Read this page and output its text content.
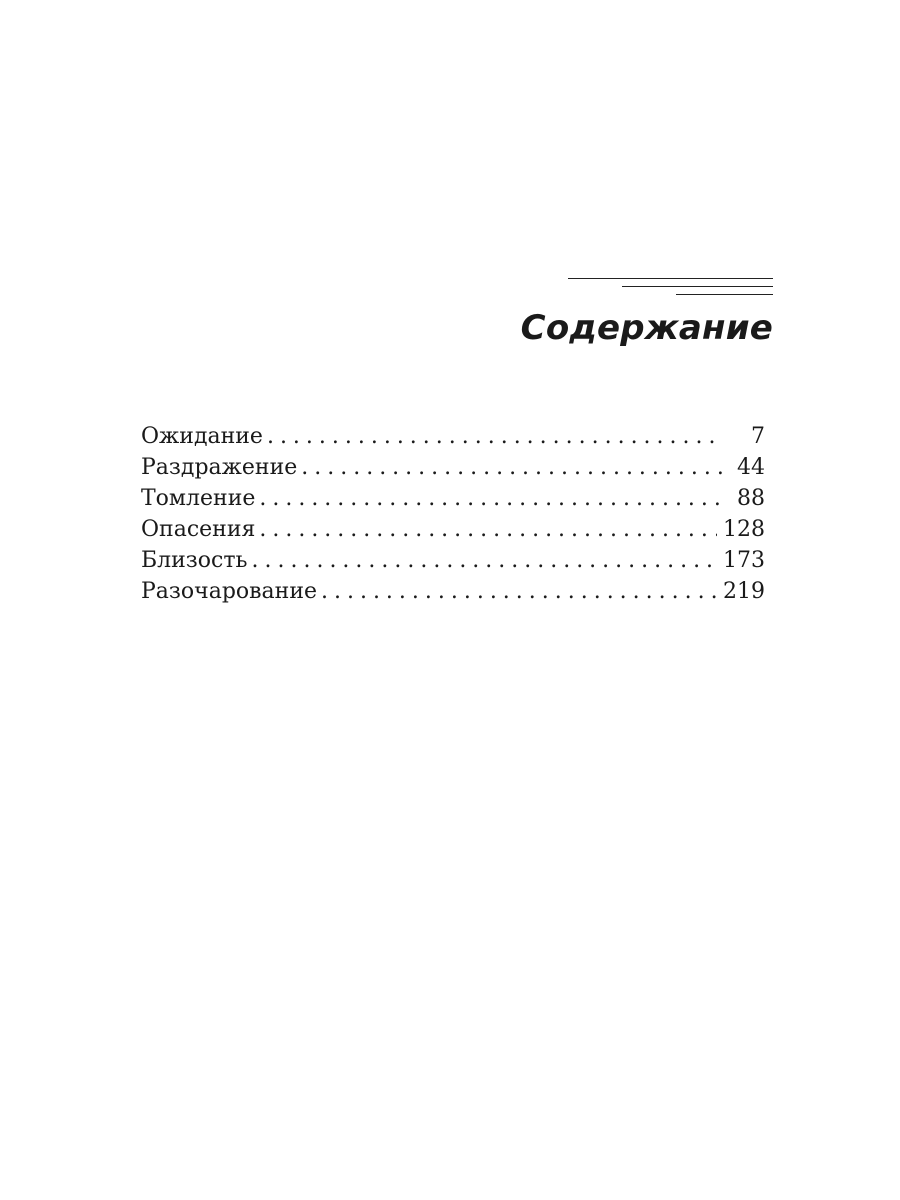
Содержание
Ожидание . . .	7
Раздражение . . .	44
Томление . . .	88
Опасения . . .	128
Близость . . .	173
Разочарование . . .	219
